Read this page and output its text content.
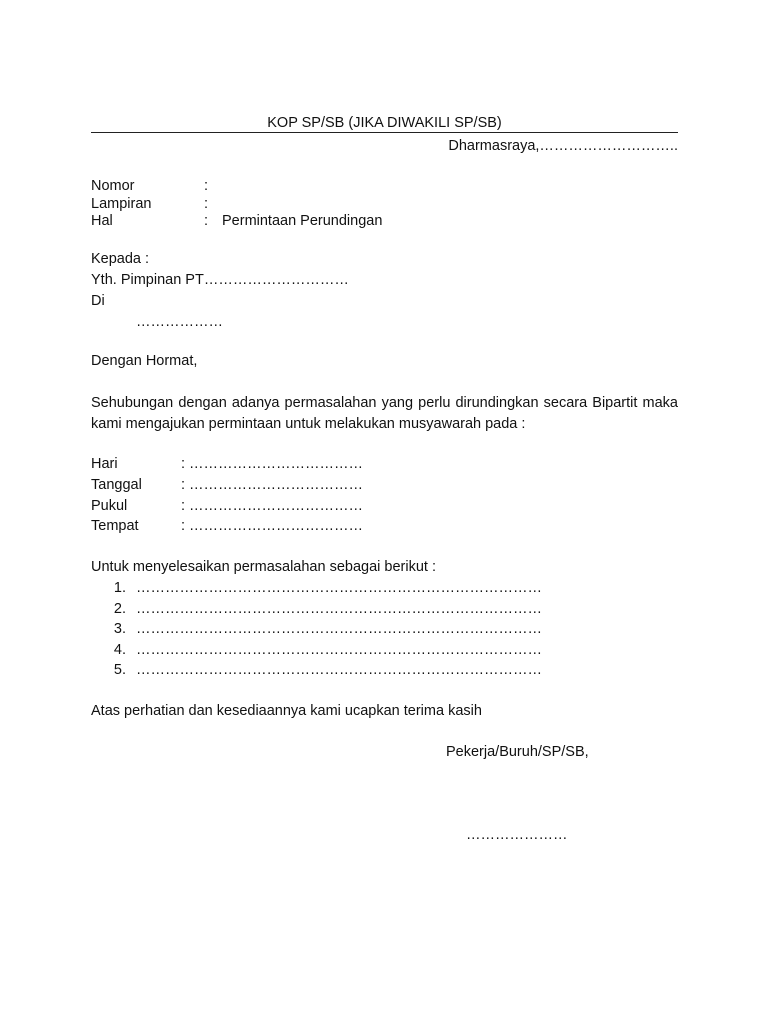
KOP SP/SB (JIKA DIWAKILI SP/SB)
Dharmasraya,………………………..
Nomor	:
Lampiran	:
Hal	: Permintaan Perundingan
Kepada :
Yth. Pimpinan PT…………………………
Di
………………
Dengan Hormat,
Sehubungan dengan adanya permasalahan yang perlu dirundingkan secara Bipartit maka kami mengajukan permintaan untuk melakukan musyawarah pada :
Hari	: ………………………………
Tanggal	: ………………………………
Pukul	: ………………………………
Tempat	: ………………………………
Untuk menyelesaikan permasalahan sebagai berikut :
1. …………………………………………………………………………
2. …………………………………………………………………………
3. …………………………………………………………………………
4. …………………………………………………………………………
5. …………………………………………………………………………
Atas perhatian dan kesediaannya kami ucapkan terima kasih
Pekerja/Buruh/SP/SB,
…………………
